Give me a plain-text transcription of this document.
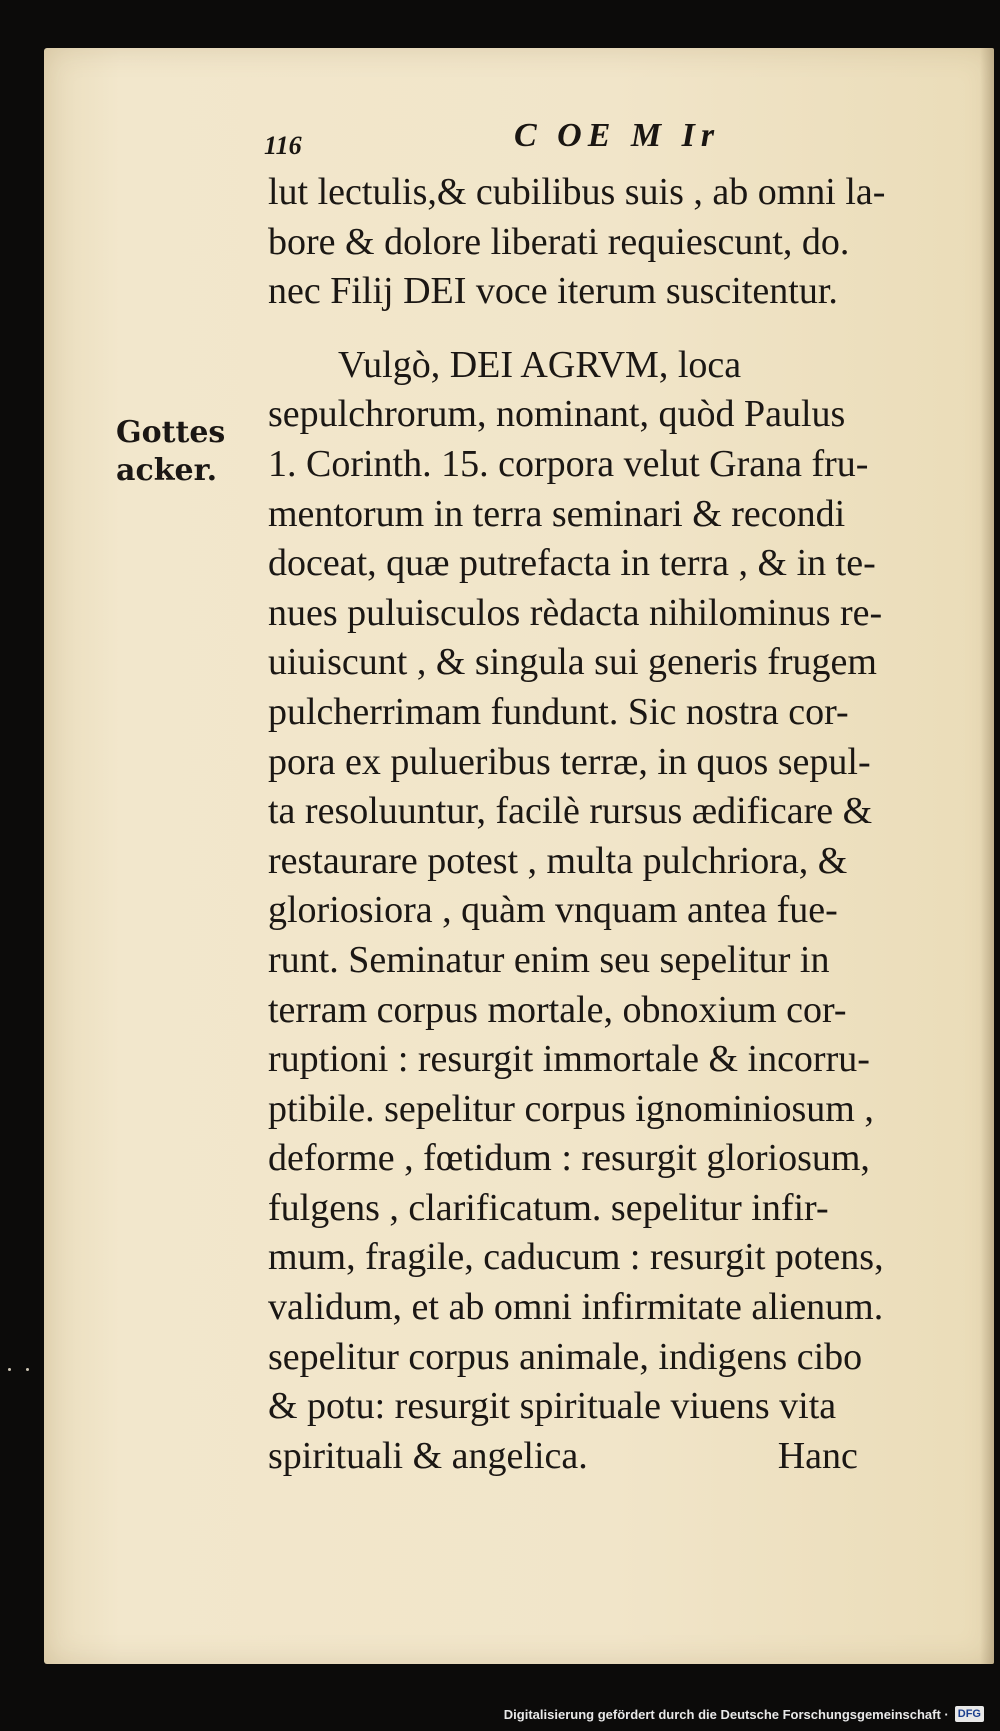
116	C OE M Ir
Gottes
acker.
lut lectulis,& cubilibus suis , ab omni la-
bore & dolore liberati requiescunt, do.
nec Filij DEI voce iterum suscitentur.
Vulgò, DEI AGRVM, loca
sepulchrorum, nominant, quòd Paulus
1. Corinth. 15. corpora velut Grana fru-
mentorum in terra seminari & recondi
doceat, quæ putrefacta in terra , & in te-
nues puluisculos rèdacta nihilominus re-
uiuiscunt , & singula sui generis frugem
pulcherrimam fundunt. Sic nostra cor-
pora ex pulueribus terræ, in quos sepul-
ta resoluuntur, facilè rursus ædificare &
restaurare potest , multa pulchriora, &
gloriosiora , quàm vnquam antea fue-
runt. Seminatur enim seu sepelitur in
terram corpus mortale, obnoxium cor-
ruptioni : resurgit immortale & incorru-
ptibile. sepelitur corpus ignominiosum ,
deforme , fœtidum : resurgit gloriosum,
fulgens , clarificatum. sepelitur infir-
mum, fragile, caducum : resurgit potens,
validum, et ab omni infirmitate alienum.
sepelitur corpus animale, indigens cibo
& potu: resurgit spirituale viuens vita
spirituali & angelica.                    Hanc
Digitalisierung gefördert durch die Deutsche Forschungsgemeinschaft · DFG
